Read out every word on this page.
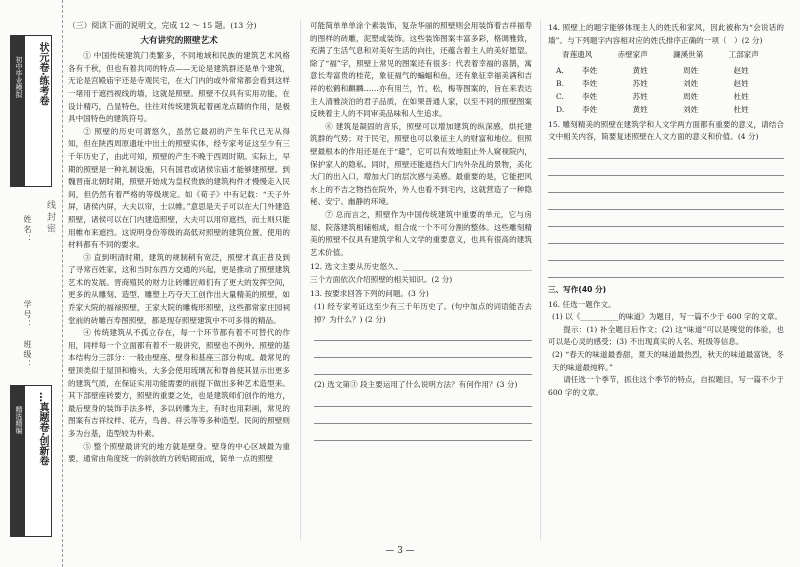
初中毕业模拟	状元卷·练考卷
姓名：
学号：
班级：
线 封 密
精选精编	…真题卷·创新卷

（三）阅读下面的说明文，完成 12 ～ 15 题。(13 分)

大有讲究的照壁艺术

① 中国传统建筑门类繁多，不同地域和民族的建筑艺术风格各有千秋，但也有着共同的特点——无论是建筑群还是单个建筑，无论是宫殿庙宇还是寺观民宅，在大门内的或外常常都会看到这样一堵用于遮挡视线的墙，这就是照壁。照壁不仅具有实用功能，在设计精巧，凸显特色，往往对传统建筑起着画龙点睛的作用，是极具中国特色的建筑符号。

② 照壁的历史可谓悠久，虽然它最初的产生年代已无从得知，但在陕西周原遗址中出土的照壁实体，经专家考证这至少有三千年历史了，由此可知，照壁的产生不晚于西周时期。实际上，早期的照壁是一种礼制设施，只有国君或诸侯宗庙才能够建照壁。到魏晋南北朝时期，照壁开始成为皇权贵族的建筑构件才慢慢走入民间，但仍然有着严格的等级规定。如《荀子》中有记载：“天子外屏，诸侯内屏，大夫以帘，士以帷。”意思是天子可以在大门外建造照壁，诸侯可以在门内建造照壁，大夫可以用帘遮挡，而士则只能用帷布来遮挡。这说明身份等级的高低对照壁的建筑位置、使用的材料都有不同的要求。

③ 直到明清时期，建筑的规制稍有宽泛，照壁才真正普及到了寻常百姓家，这和当时东西方交通的兴起，更是推动了照壁建筑艺术的发展。晋商殖民的财力让砖雕匠师们有了更大的发挥空间，更多的从雕刻、造型、雕塑上巧夺天工创作出大量精美的照壁，如乔家大院的福禄照壁，王家大院的雕梅形照壁，这些都常家庄园祠堂前的砖雕百寿图照壁，都是现存照壁建筑中不可多得的精品。

④ 传统建筑从不孤立存在，每一个环节都有着不可替代的作用，同样每一个立面都有着不一般讲究，照壁也不例外。照壁的基本结构分三部分：一般由壁座、壁身和基座三部分构成。最常见的壁顶类似于屋顶和檐头，大多会使用琉璃瓦和脊兽使其显示出更多的建筑气质，在保证实用功能需要的前提下做出多种艺术造型来。其下部壁座砖要方，照壁的重要之处，也是建筑师们创作的地方，最后壁身的装饰手法多样，多以砖雕为主，有时也用彩画，常见的图案有吉祥纹样、花卉，鸟兽、祥云等等多种造型。民间的照壁则多为台基，造型较为朴素。

⑤ 整个照壁最讲究的地方就是壁身。壁身的中心区域最为重要，通常由角度统一的斜放的方砖贴砌而成，简单一点的照壁

可能简单单单涂个素装饰，复杂华丽的照壁则会用装饰着吉祥福寿的图样的砖雕，泥塑或装饰。这些装饰图案丰富多彩，格调雅致，充满了生活气息和对美好生活的向往，还蕴含着主人的美好愿望。除了“福”字，照壁上常见的图案还有很多：代表着幸福的喜鹊，寓意长寿富贵的桂花，象征福气的蝙蝠和鱼，还有象征幸福美满和吉祥的松鹤和麒麟……亦有用兰，竹，松，梅等图案的，旨在来表达主人清雅淡泊的君子品质，在如果普通人家，以至不同的照壁图案反映着主人的不同审美品味和人生追求。

⑥ 建筑是凝固的音乐，照壁可以增加建筑的纵深感，烘托建筑群的气势；对于民宅，照壁也可以象征主人的财富和地位。但照壁最根本的作用还是在于“避”，它可以有效地阻止外人窥视院内，保护家人的隐私。同时，照壁还能遮挡大门内外杂乱的景物，美化大门的出入口，增加大门的层次感与美感。最重要的是，它能把风水上的不吉之物挡在院外，外人也看不到宅内，这就营造了一种隐秘、安宁、幽静的环境。

⑦ 总而言之，照壁作为中国传统建筑中重要的单元，它与房屋、院落建筑相辅相成，组合成一个不可分割的整体。这些雕刻精美的照壁不仅具有建筑学和人文学的重要意义，也具有很高的建筑艺术价值。

12. 选文主要从历史悠久、__________________________________三个方面依次介绍照壁的相关知识。(2 分)

13. 按要求回答下列的问题。(3 分)

(1) 经专家考证这至少有三千年历史了。(句中加点的词语能否去掉？为什么？) (2 分)

(2) 选文第③ 段主要运用了什么说明方法？有何作用？(3 分)

14. 照壁上的题字能够体现主人的姓氏和家风，因此被称为“会说话的墙”。与下列题字内容相对应的姓氏排序正确的一项（　）(2 分)

青莲遗风	赤壁家声	濂溪世第	工部家声
A.	李姓	黄姓	周姓	赵姓
B.	李姓	苏姓	刘姓	赵姓
C.	李姓	苏姓	周姓	杜姓
D.	李姓	黄姓	刘姓	杜姓

15. 雕刻精美的照壁在建筑学和人文学两方面都有重要的意义，请结合文中相关内容，简要复述照壁在人文方面的意义和价值。(4 分)

三、写作(40 分)

16. 任选一题作文。

(1) 以《__________的味道》为题目，写一篇不少于 600 字的文章。

提示：(1) 补全题目后作文；(2) 这“味道”可以是嗅觉的体验，也可以是心灵的感受；(3) 不出现真实的人名、班级等信息。

(2) “春天的味道最香甜，夏天的味道最热烈，秋天的味道最富饶，冬天的味道最纯粹。”

请任选一个季节，抓住这个季节的特点，自拟题目，写一篇不少于 600 字的文章。

— 3 —
